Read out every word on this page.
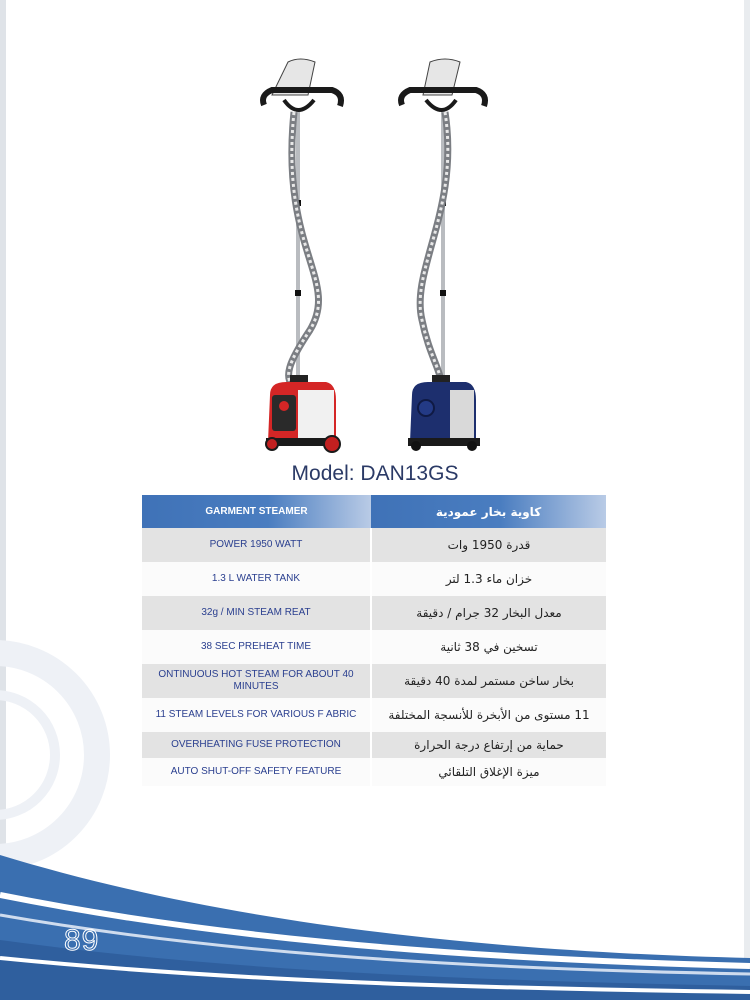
Model: DAN13GS
GARMENT STEAMER	كاوية بخار عمودية
POWER 1950 WATT	قدرة 1950 وات
1.3 L WATER TANK	خزان ماء 1.3 لتر
32g / MIN STEAM REAT	معدل البخار 32 جرام / دقيقة
38 SEC PREHEAT TIME	تسخين في 38 ثانية
ONTINUOUS HOT STEAM FOR ABOUT 40 MINUTES	بخار ساخن مستمر لمدة 40 دقيقة
11 STEAM LEVELS FOR VARIOUS F ABRIC	11 مستوى من الأبخرة للأنسجة المختلفة
OVERHEATING FUSE PROTECTION	حماية من إرتفاع درجة الحرارة
AUTO SHUT-OFF SAFETY FEATURE	ميزة الإغلاق التلقائي
89
